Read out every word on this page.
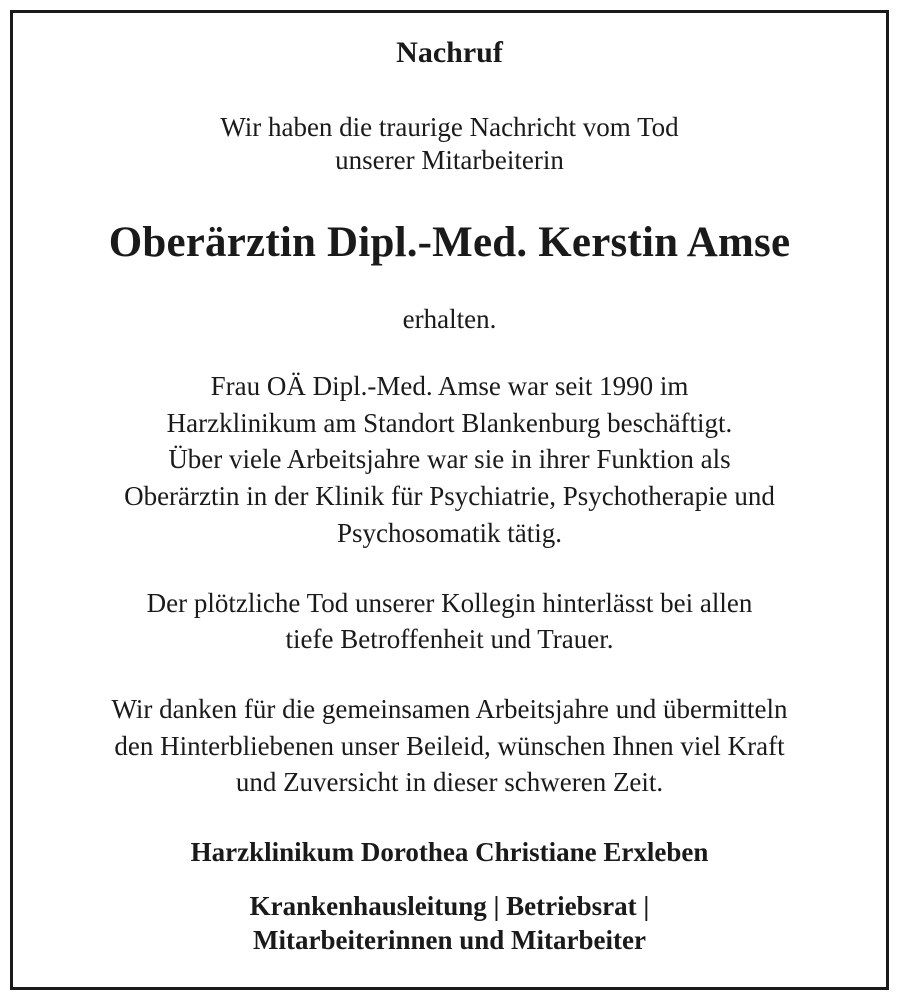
Nachruf
Wir haben die traurige Nachricht vom Tod
unserer Mitarbeiterin
Oberärztin Dipl.-Med. Kerstin Amse
erhalten.
Frau OÄ Dipl.-Med. Amse war seit 1990 im
Harzklinikum am Standort Blankenburg beschäftigt.
Über viele Arbeitsjahre war sie in ihrer Funktion als
Oberärztin in der Klinik für Psychiatrie, Psychotherapie und
Psychosomatik tätig.
Der plötzliche Tod unserer Kollegin hinterlässt bei allen
tiefe Betroffenheit und Trauer.
Wir danken für die gemeinsamen Arbeitsjahre und übermitteln
den Hinterbliebenen unser Beileid, wünschen Ihnen viel Kraft
und Zuversicht in dieser schweren Zeit.
Harzklinikum Dorothea Christiane Erxleben
Krankenhausleitung | Betriebsrat |
Mitarbeiterinnen und Mitarbeiter
